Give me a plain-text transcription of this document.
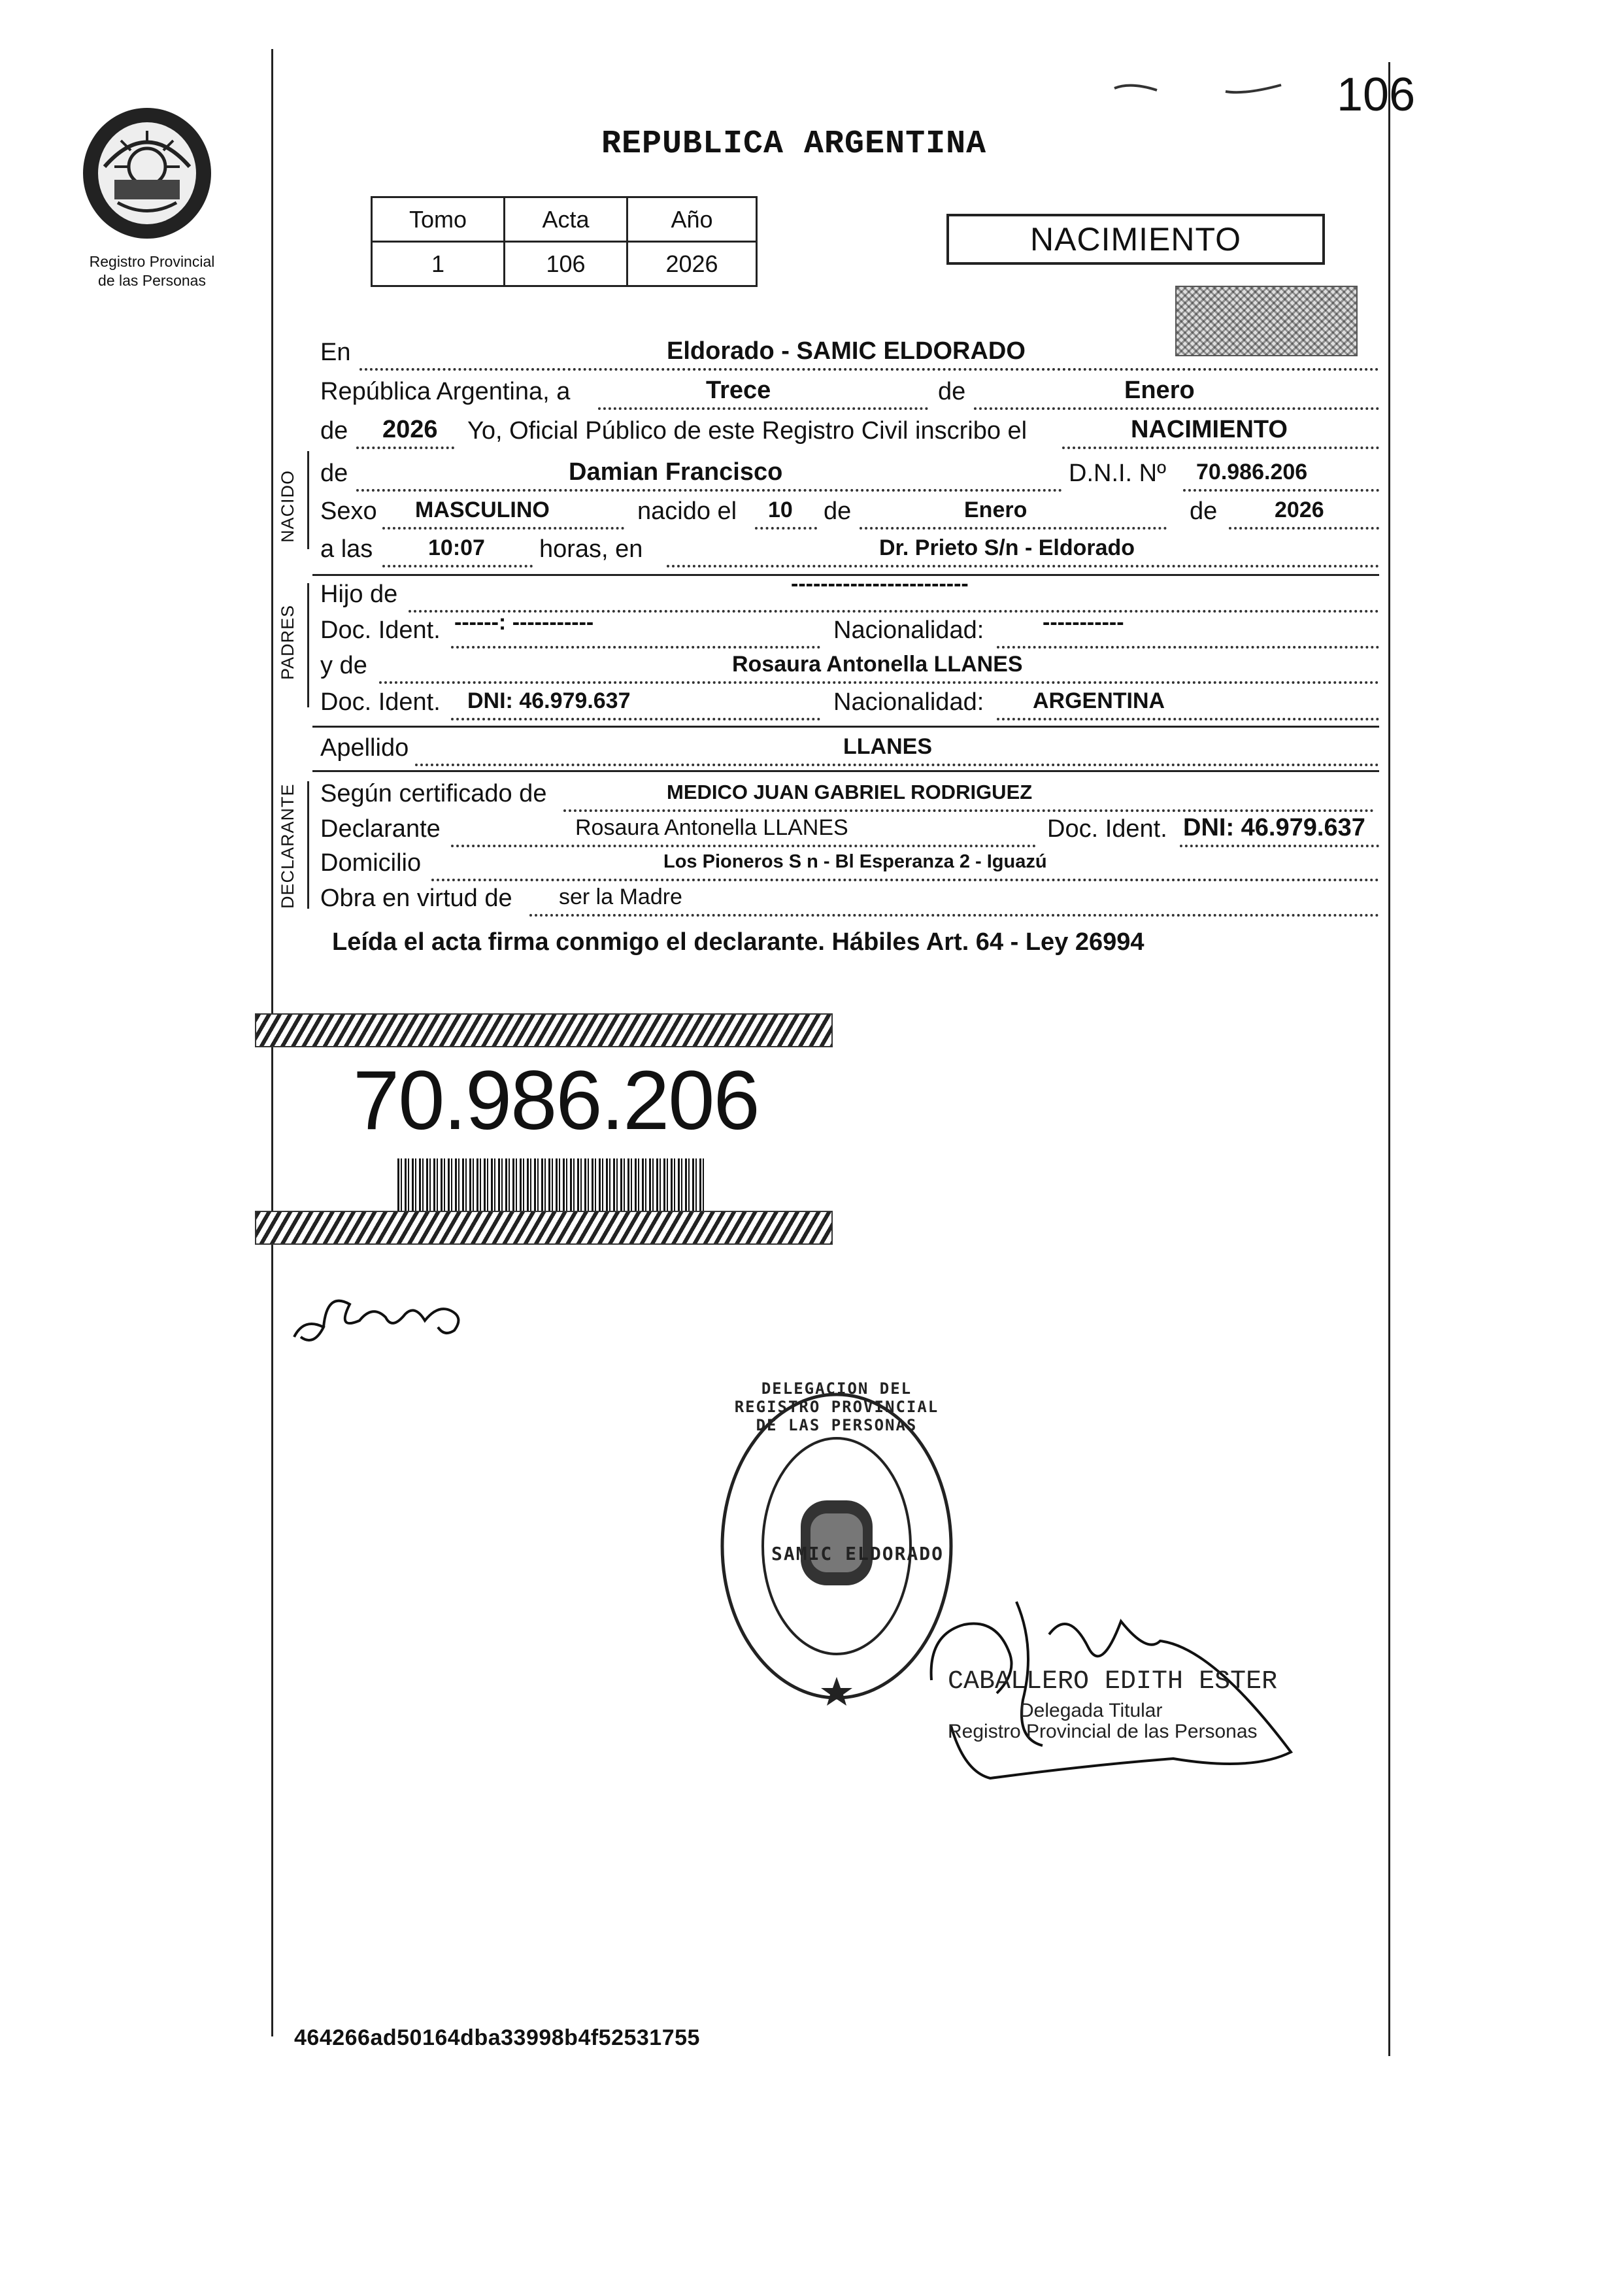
Registro Provincial
de las Personas
REPUBLICA ARGENTINA
106
Tomo	Acta	Año
1	106	2026
NACIMIENTO
En	Eldorado - SAMIC ELDORADO
República Argentina, a	Trece	de	Enero
de 2026 Yo, Oficial Público de este Registro Civil inscribo el	NACIMIENTO
NACIDO de	Damian Francisco	D.N.I. Nº 70.986.206
Sexo MASCULINO	nacido el 10 de	Enero	de	2026
a las 10:07 horas, en	Dr. Prieto S/n - Eldorado
PADRES
Hijo de	------------------------
Doc. Ident. ------: -----------	Nacionalidad:	-----------
y de	Rosaura Antonella LLANES
Doc. Ident. DNI: 46.979.637	Nacionalidad: ARGENTINA
Apellido	LLANES
DECLARANTE Según certificado de	MEDICO JUAN GABRIEL RODRIGUEZ
Declarante	Rosaura Antonella LLANES	Doc. Ident. DNI: 46.979.637
Domicilio	Los Pioneros S n - Bl Esperanza 2 - Iguazú
Obra en virtud de ser la Madre
Leída el acta firma conmigo el declarante. Hábiles Art. 64 - Ley 26994
70.986.206
DELEGACION DEL REGISTRO PROVINCIAL DE LAS PERSONAS
SAMIC ELDORADO
CABALLERO EDITH ESTER
Delegada Titular
Registro Provincial de las Personas
464266ad50164dba33998b4f52531755
